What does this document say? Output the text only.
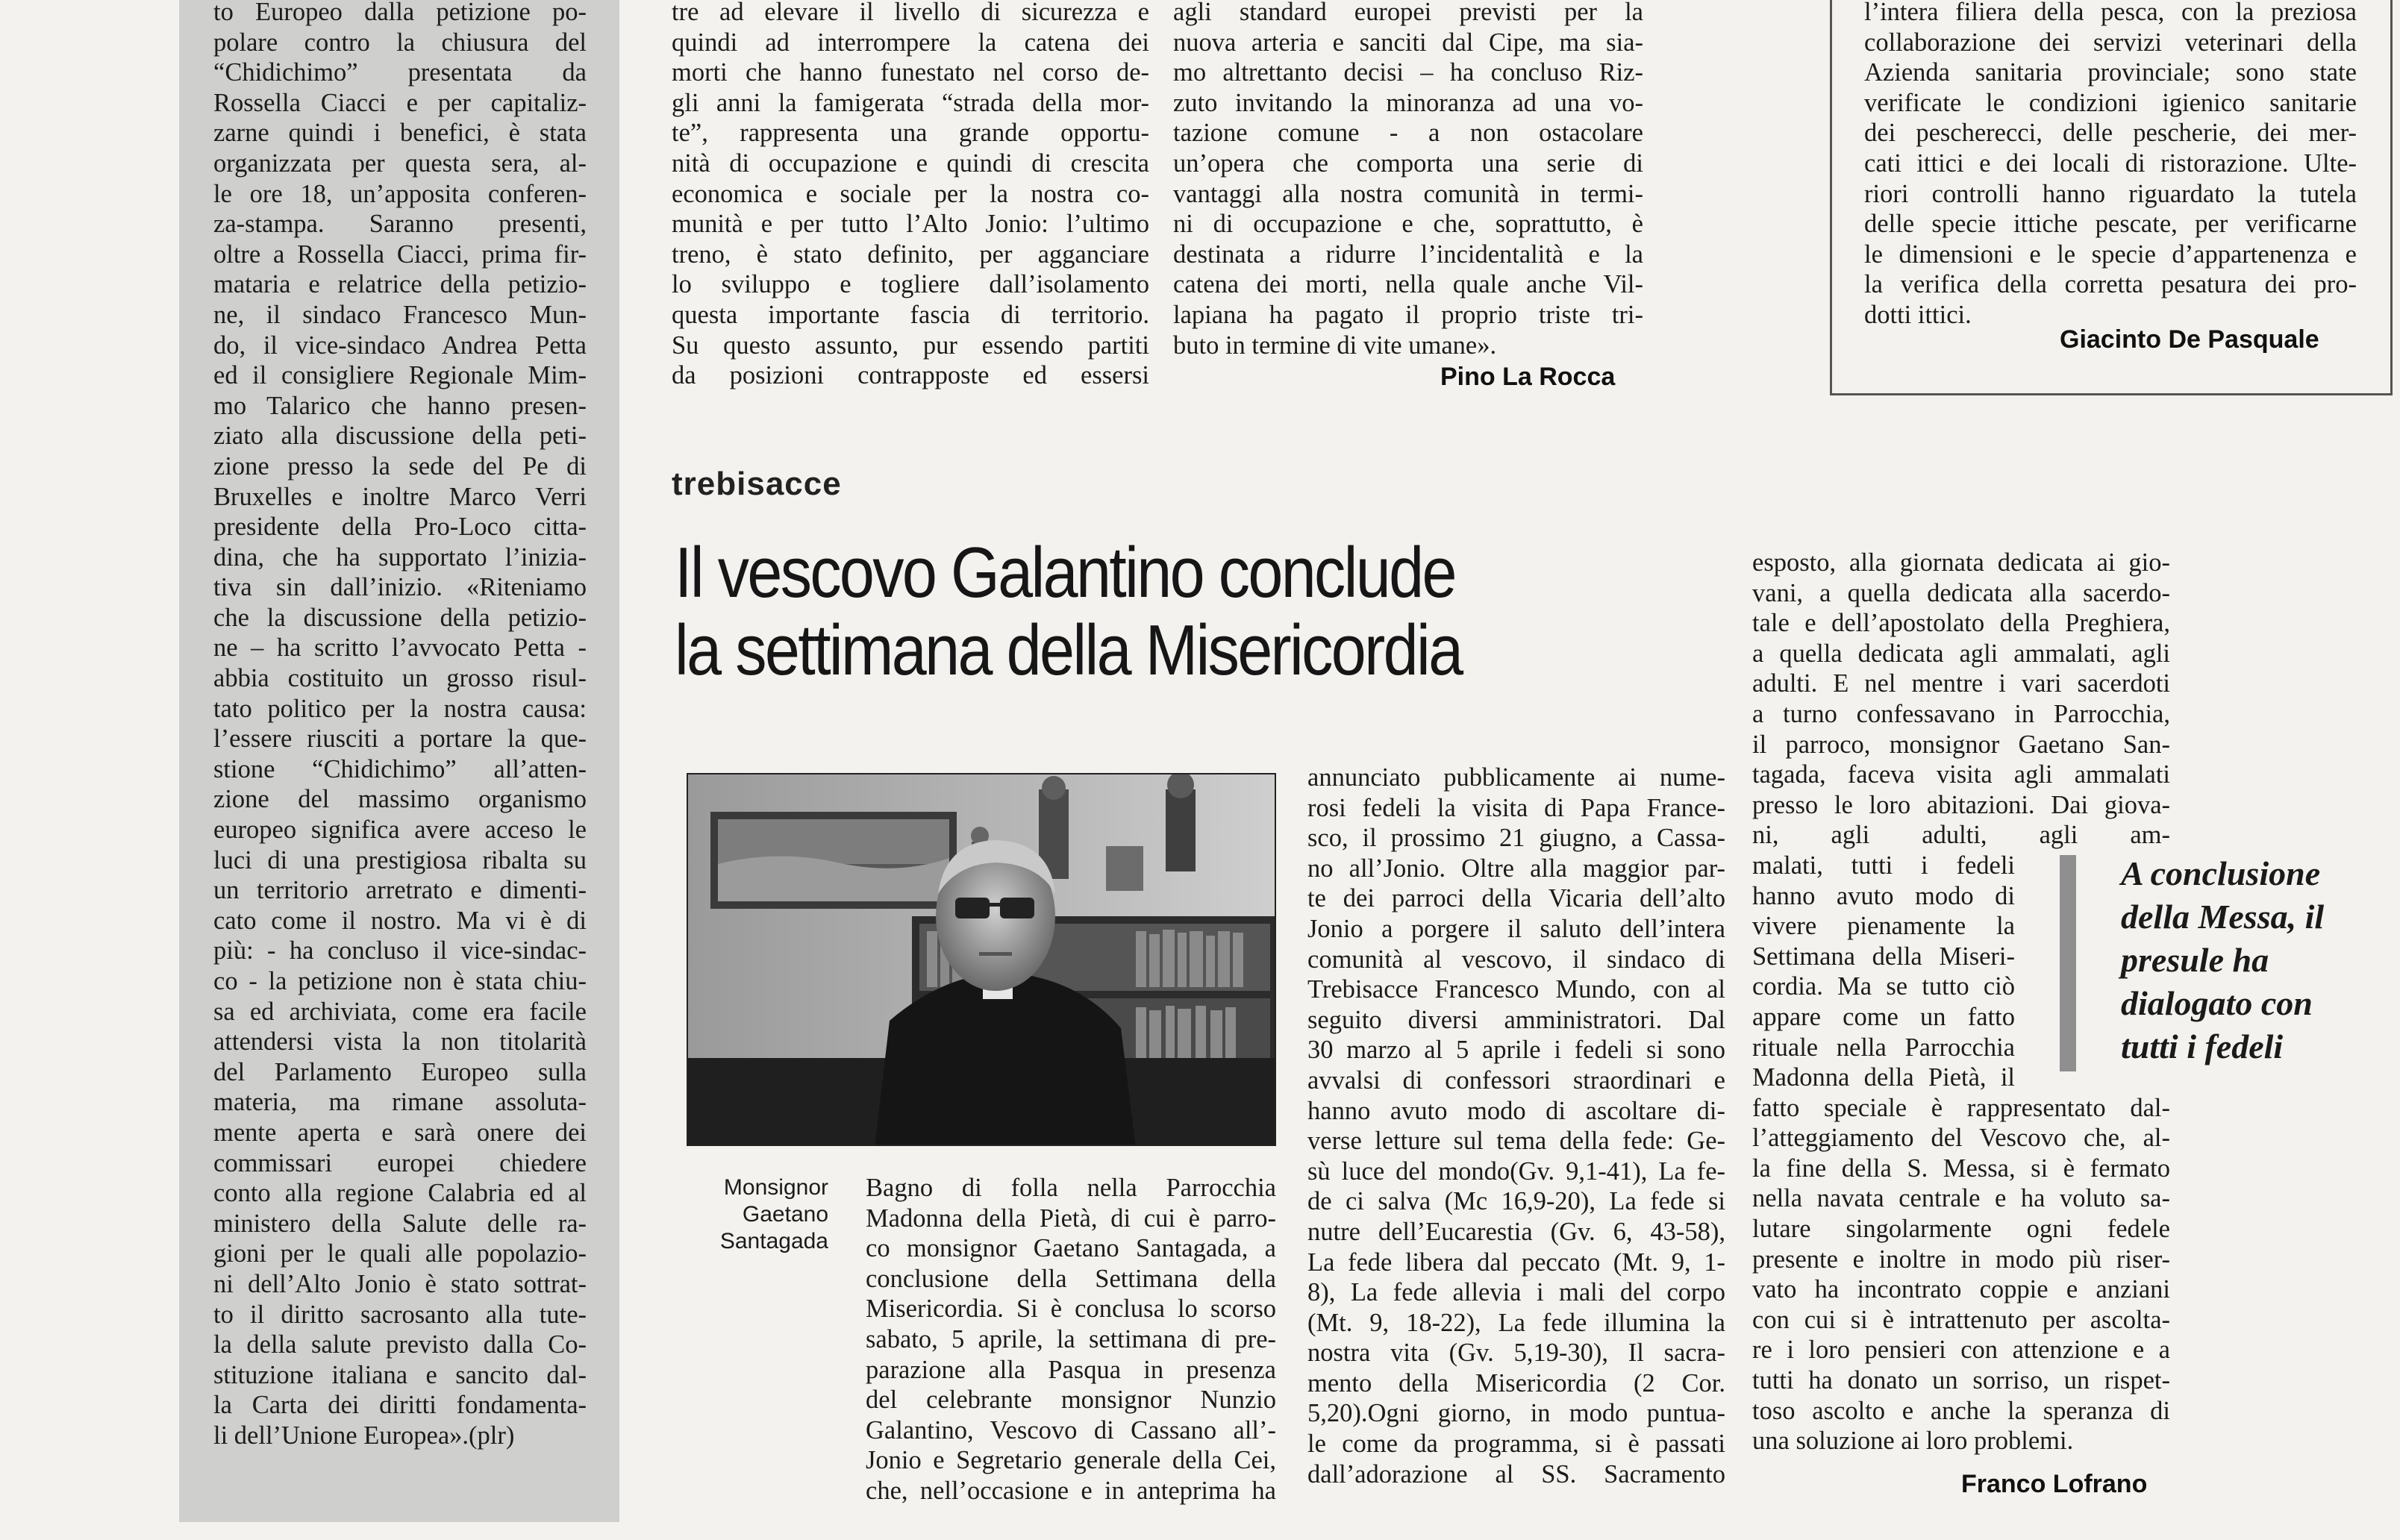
to Europeo dalla petizione po-
polare contro la chiusura del
“Chidichimo” presentata da
Rossella Ciacci e per capitaliz-
zarne quindi i benefici, è stata
organizzata per questa sera, al-
le ore 18, un’apposita conferen-
za-stampa. Saranno presenti,
oltre a Rossella Ciacci, prima fir-
mataria e relatrice della petizio-
ne, il sindaco Francesco Mun-
do, il vice-sindaco Andrea Petta
ed il consigliere Regionale Mim-
mo Talarico che hanno presen-
ziato alla discussione della peti-
zione presso la sede del Pe di
Bruxelles e inoltre Marco Verri
presidente della Pro-Loco citta-
dina, che ha supportato l’inizia-
tiva sin dall’inizio. «Riteniamo
che la discussione della petizio-
ne – ha scritto l’avvocato Petta -
abbia costituito un grosso risul-
tato politico per la nostra causa:
l’essere riusciti a portare la que-
stione “Chidichimo” all’atten-
zione del massimo organismo
europeo significa avere acceso le
luci di una prestigiosa ribalta su
un territorio arretrato e dimenti-
cato come il nostro. Ma vi è di
più: - ha concluso il vice-sindac-
co - la petizione non è stata chiu-
sa ed archiviata, come era facile
attendersi vista la non titolarità
del Parlamento Europeo sulla
materia, ma rimane assoluta-
mente aperta e sarà onere dei
commissari europei chiedere
conto alla regione Calabria ed al
ministero della Salute delle ra-
gioni per le quali alle popolazio-
ni dell’Alto Jonio è stato sottrat-
to il diritto sacrosanto alla tute-
la della salute previsto dalla Co-
stituzione italiana e sancito dal-
la Carta dei diritti fondamenta-
li dell’Unione Europea».(plr)
tre ad elevare il livello di sicurezza e
quindi ad interrompere la catena dei
morti che hanno funestato nel corso de-
gli anni la famigerata “strada della mor-
te”, rappresenta una grande opportu-
nità di occupazione e quindi di crescita
economica e sociale per la nostra co-
munità e per tutto l’Alto Jonio: l’ultimo
treno, è stato definito, per agganciare
lo sviluppo e togliere dall’isolamento
questa importante fascia di territorio.
Su questo assunto, pur essendo partiti
da posizioni contrapposte ed essersi
agli standard europei previsti per la
nuova arteria e sanciti dal Cipe, ma sia-
mo altrettanto decisi – ha concluso Riz-
zuto invitando la minoranza ad una vo-
tazione comune - a non ostacolare
un’opera che comporta una serie di
vantaggi alla nostra comunità in termi-
ni di occupazione e che, soprattutto, è
destinata a ridurre l’incidentalità e la
catena dei morti, nella quale anche Vil-
lapiana ha pagato il proprio triste tri-
buto in termine di vite umane».
Pino La Rocca
l’intera filiera della pesca, con la preziosa
collaborazione dei servizi veterinari della
Azienda sanitaria provinciale; sono state
verificate le condizioni igienico sanitarie
dei pescherecci, delle pescherie, dei mer-
cati ittici e dei locali di ristorazione. Ulte-
riori controlli hanno riguardato la tutela
delle specie ittiche pescate, per verificarne
le dimensioni e le specie d’appartenenza e
la verifica della corretta pesatura dei pro-
dotti ittici.
Giacinto De Pasquale
trebisacce
Il vescovo Galantino conclude
la settimana della Misericordia
Monsignor
Gaetano
Santagada
Bagno di folla nella Parrocchia
Madonna della Pietà, di cui è parro-
co monsignor Gaetano Santagada, a
conclusione della Settimana della
Misericordia. Si è conclusa lo scorso
sabato, 5 aprile, la settimana di pre-
parazione alla Pasqua in presenza
del celebrante monsignor Nunzio
Galantino, Vescovo di Cassano all’-
Jonio e Segretario generale della Cei,
che, nell’occasione e in anteprima ha
annunciato pubblicamente ai nume-
rosi fedeli la visita di Papa France-
sco, il prossimo 21 giugno, a Cassa-
no all’Jonio. Oltre alla maggior par-
te dei parroci della Vicaria dell’alto
Jonio a porgere il saluto dell’intera
comunità al vescovo, il sindaco di
Trebisacce Francesco Mundo, con al
seguito diversi amministratori. Dal
30 marzo al 5 aprile i fedeli si sono
avvalsi di confessori straordinari e
hanno avuto modo di ascoltare di-
verse letture sul tema della fede: Ge-
sù luce del mondo(Gv. 9,1-41), La fe-
de ci salva (Mc 16,9-20), La fede si
nutre dell’Eucarestia (Gv. 6, 43-58),
La fede libera dal peccato (Mt. 9, 1-
8), La fede allevia i mali del corpo
(Mt. 9, 18-22), La fede illumina la
nostra vita (Gv. 5,19-30), Il sacra-
mento della Misericordia (2 Cor.
5,20).Ogni giorno, in modo puntua-
le come da programma, si è passati
dall’adorazione al SS. Sacramento
esposto, alla giornata dedicata ai gio-
vani, a quella dedicata alla sacerdo-
tale e dell’apostolato della Preghiera,
a quella dedicata agli ammalati, agli
adulti. E nel mentre i vari sacerdoti
a turno confessavano in Parrocchia,
il parroco, monsignor Gaetano San-
tagada, faceva visita agli ammalati
presso le loro abitazioni. Dai giova-
ni, agli adulti, agli am-
malati, tutti i fedeli
hanno avuto modo di
vivere pienamente la
Settimana della Miseri-
cordia. Ma se tutto ciò
appare come un fatto
rituale nella Parrocchia
Madonna della Pietà, il
fatto speciale è rappresentato dal-
l’atteggiamento del Vescovo che, al-
la fine della S. Messa, si è fermato
nella navata centrale e ha voluto sa-
lutare singolarmente ogni fedele
presente e inoltre in modo più riser-
vato ha incontrato coppie e anziani
con cui si è intrattenuto per ascolta-
re i loro pensieri con attenzione e a
tutti ha donato un sorriso, un rispet-
toso ascolto e anche la speranza di
una soluzione ai loro problemi.
A conclusione della Messa, il presule ha dialogato con tutti i fedeli
Franco Lofrano
